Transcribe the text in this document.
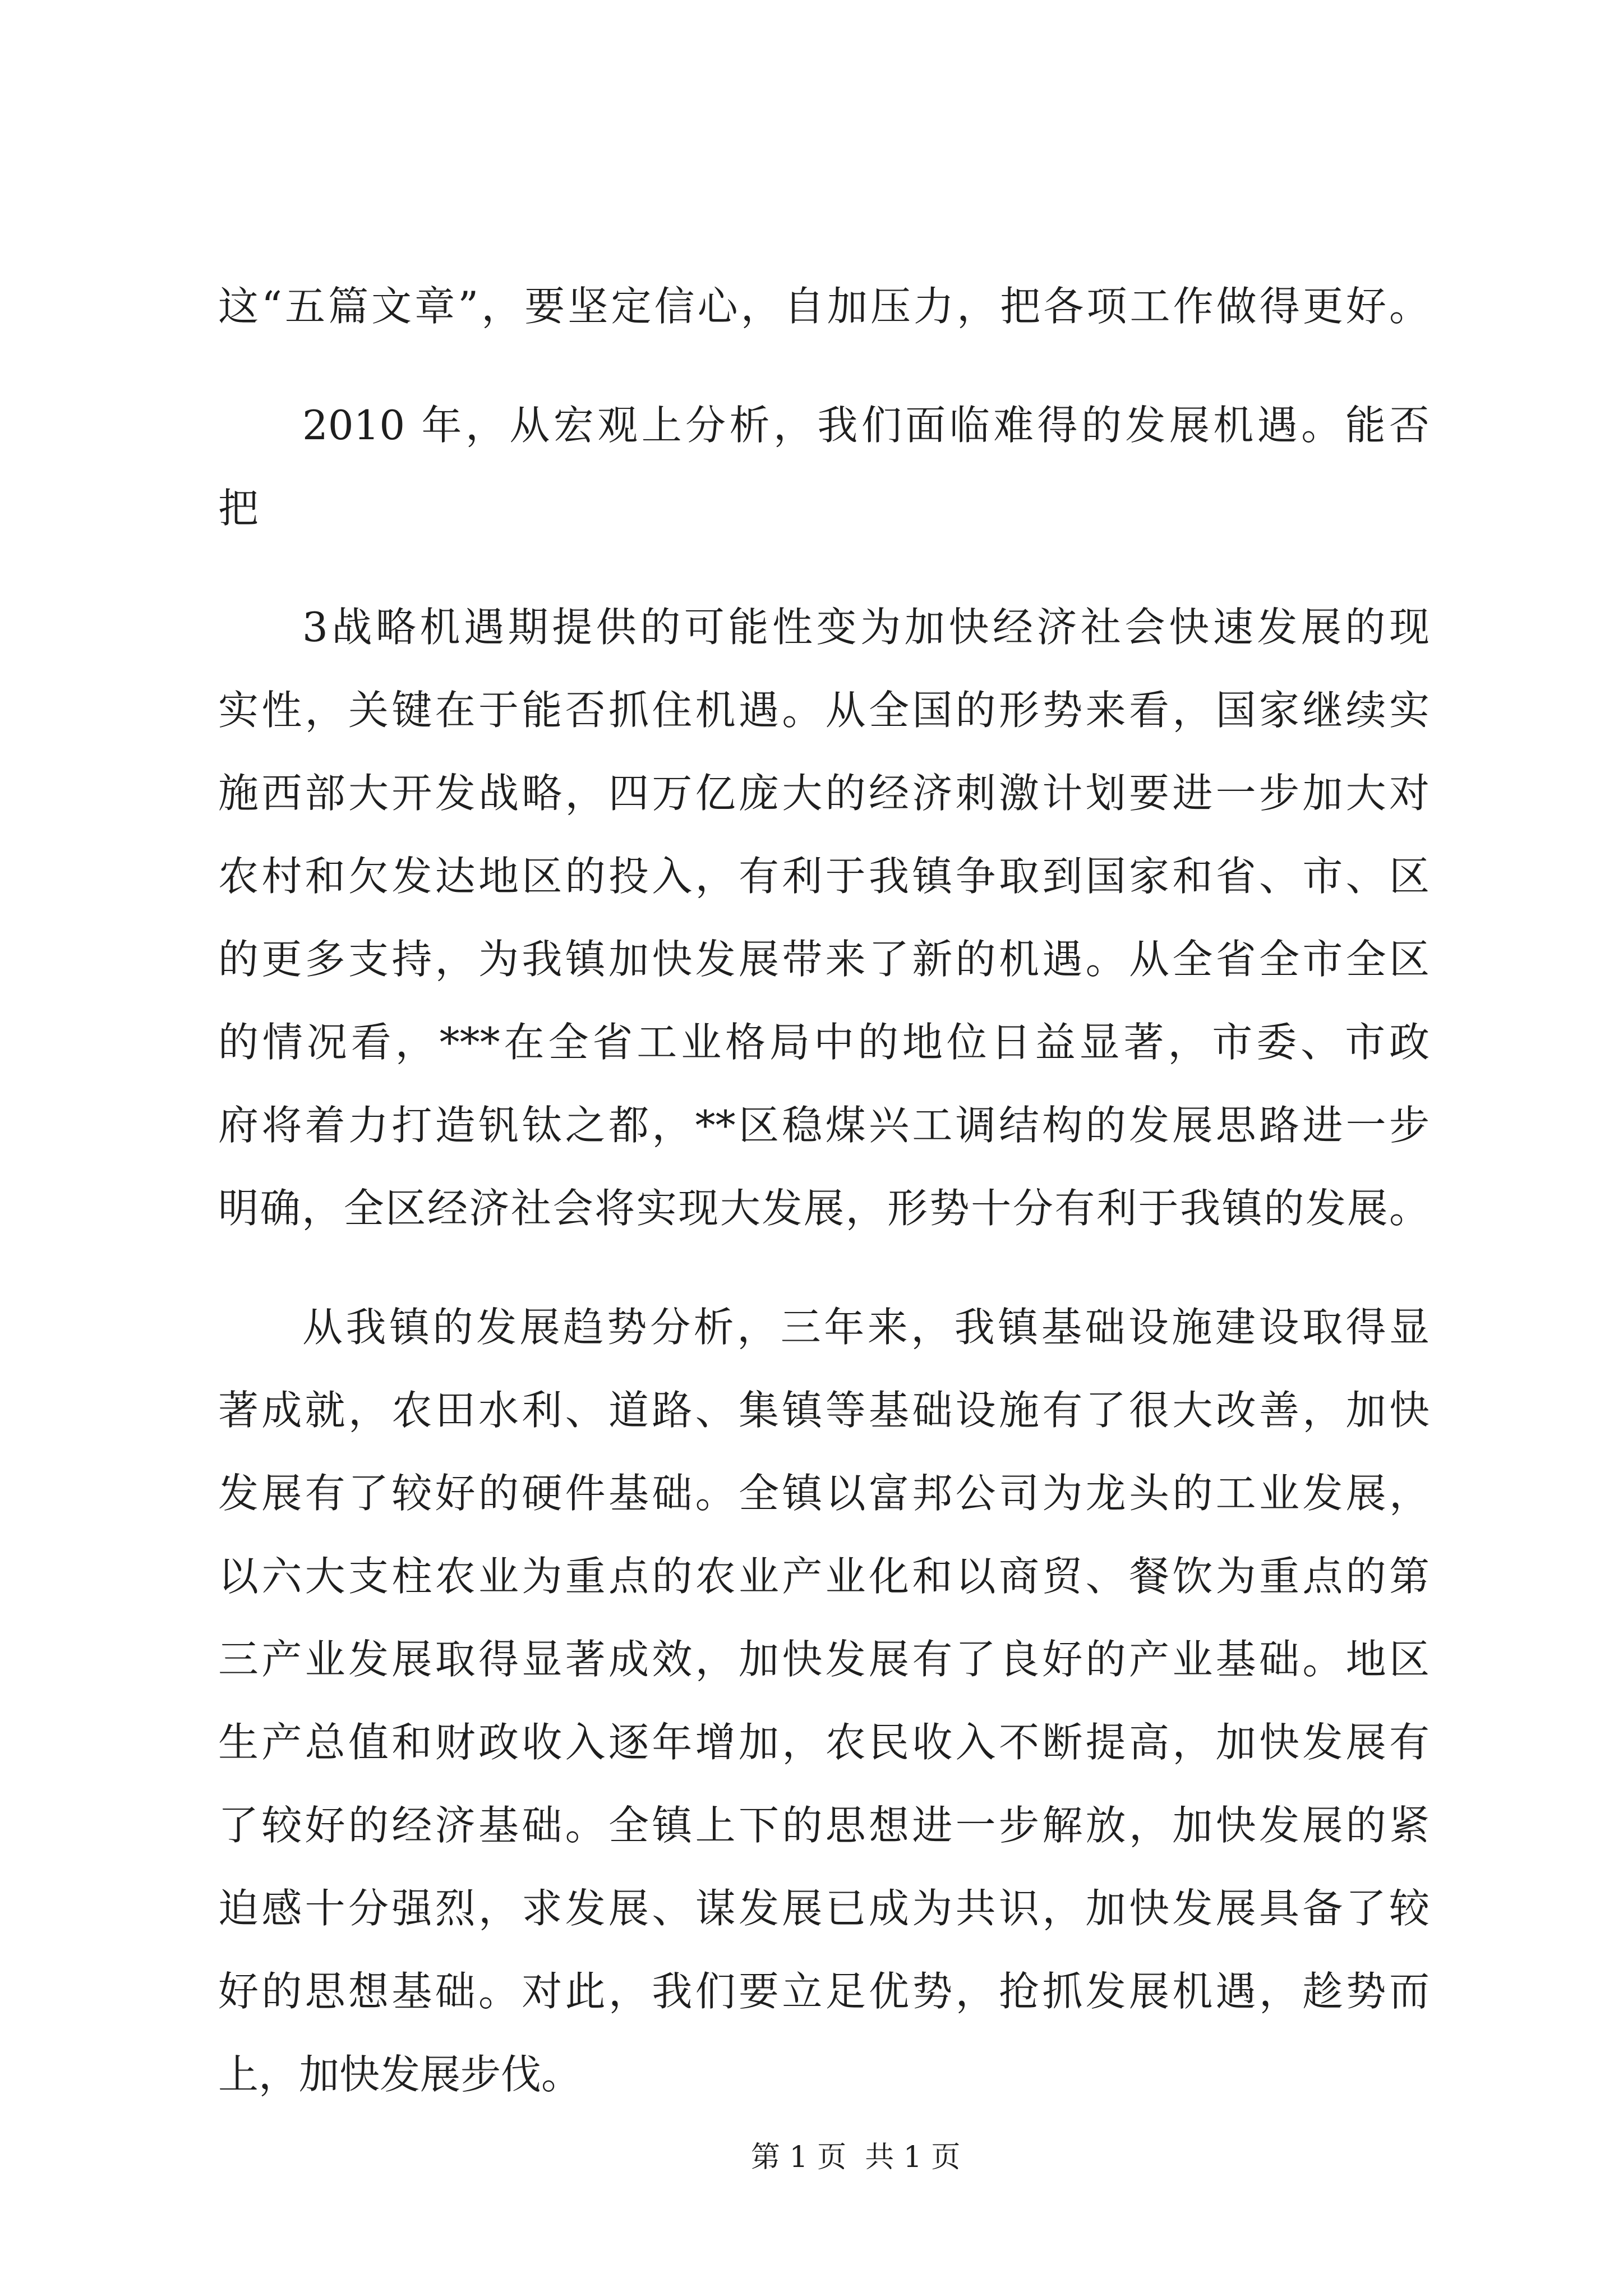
这“五篇文章”，要坚定信心，自加压力，把各项工作做得更好。
2010 年，从宏观上分析，我们面临难得的发展机遇。能否
把
3战略机遇期提供的可能性变为加快经济社会快速发展的现
实性，关键在于能否抓住机遇。从全国的形势来看，国家继续实
施西部大开发战略，四万亿庞大的经济刺激计划要进一步加大对
农村和欠发达地区的投入，有利于我镇争取到国家和省、市、区
的更多支持，为我镇加快发展带来了新的机遇。从全省全市全区
的情况看，***在全省工业格局中的地位日益显著，市委、市政
府将着力打造钒钛之都，**区稳煤兴工调结构的发展思路进一步
明确，全区经济社会将实现大发展，形势十分有利于我镇的发展。
从我镇的发展趋势分析，三年来，我镇基础设施建设取得显
著成就，农田水利、道路、集镇等基础设施有了很大改善，加快
发展有了较好的硬件基础。全镇以富邦公司为龙头的工业发展，
以六大支柱农业为重点的农业产业化和以商贸、餐饮为重点的第
三产业发展取得显著成效，加快发展有了良好的产业基础。地区
生产总值和财政收入逐年增加，农民收入不断提高，加快发展有
了较好的经济基础。全镇上下的思想进一步解放，加快发展的紧
迫感十分强烈，求发展、谋发展已成为共识，加快发展具备了较
好的思想基础。对此，我们要立足优势，抢抓发展机遇，趁势而
上，加快发展步伐。
第 1 页  共 1 页
